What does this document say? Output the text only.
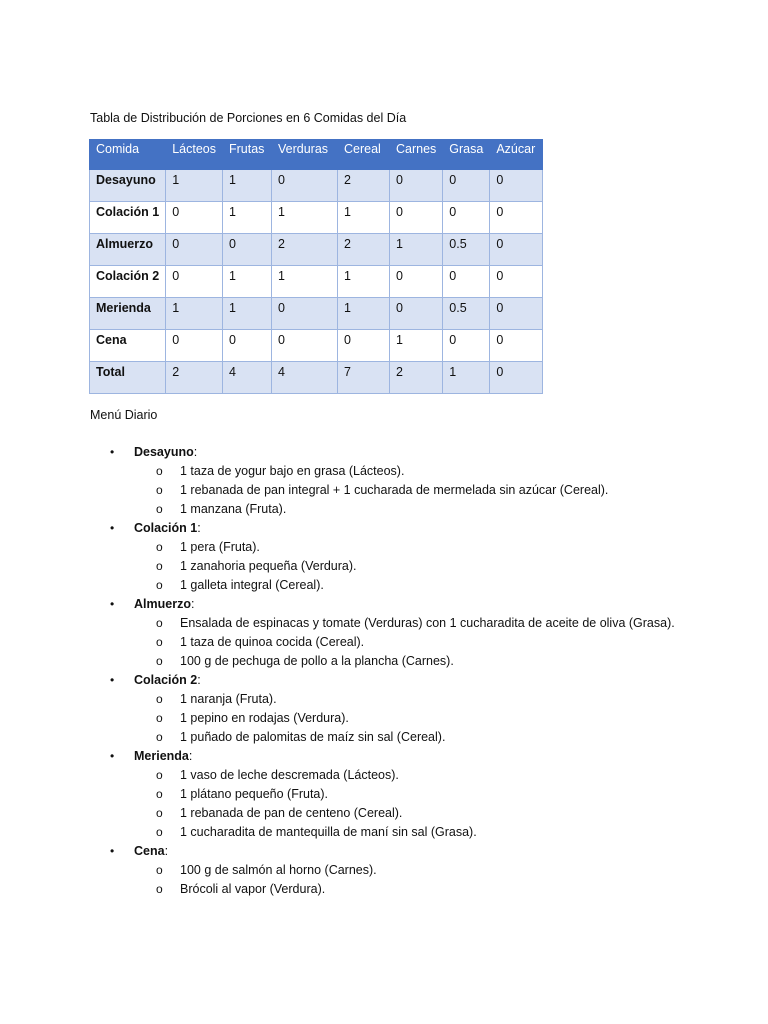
Tabla de Distribución de Porciones en 6 Comidas del Día

Comida	Lácteos	Frutas	Verduras	Cereal	Carnes	Grasa	Azúcar
Desayuno	1	1	0	2	0	0	0
Colación 1	0	1	1	1	0	0	0
Almuerzo	0	0	2	2	1	0.5	0
Colación 2	0	1	1	1	0	0	0
Merienda	1	1	0	1	0	0.5	0
Cena	0	0	0	0	1	0	0
Total	2	4	4	7	2	1	0

Menú Diario

• Desayuno:
o 1 taza de yogur bajo en grasa (Lácteos).
o 1 rebanada de pan integral + 1 cucharada de mermelada sin azúcar (Cereal).
o 1 manzana (Fruta).
• Colación 1:
o 1 pera (Fruta).
o 1 zanahoria pequeña (Verdura).
o 1 galleta integral (Cereal).
• Almuerzo:
o Ensalada de espinacas y tomate (Verduras) con 1 cucharadita de aceite de oliva (Grasa).
o 1 taza de quinoa cocida (Cereal).
o 100 g de pechuga de pollo a la plancha (Carnes).
• Colación 2:
o 1 naranja (Fruta).
o 1 pepino en rodajas (Verdura).
o 1 puñado de palomitas de maíz sin sal (Cereal).
• Merienda:
o 1 vaso de leche descremada (Lácteos).
o 1 plátano pequeño (Fruta).
o 1 rebanada de pan de centeno (Cereal).
o 1 cucharadita de mantequilla de maní sin sal (Grasa).
• Cena:
o 100 g de salmón al horno (Carnes).
o Brócoli al vapor (Verdura).
